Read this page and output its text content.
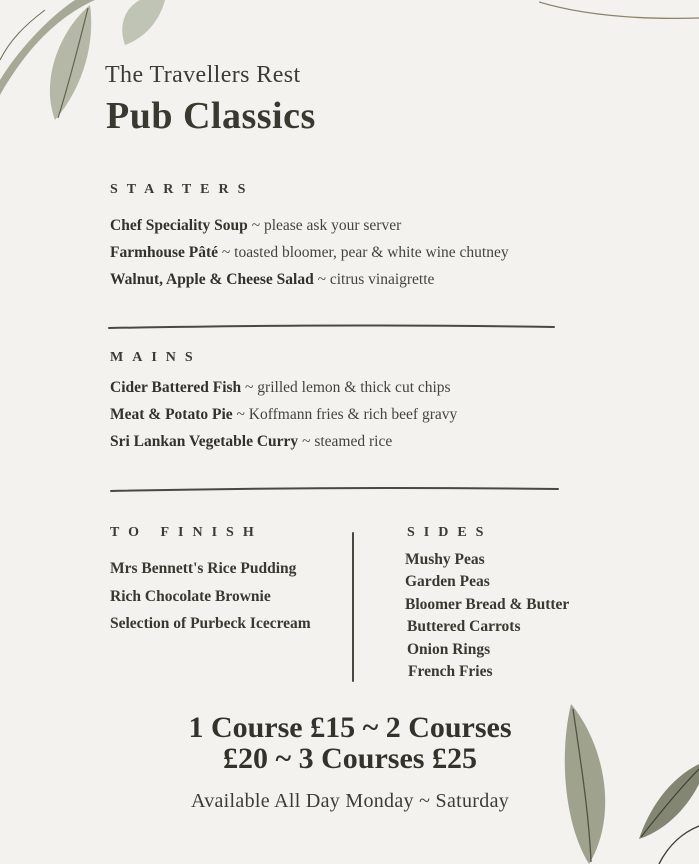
The Travellers Rest
Pub Classics
STARTERS
Chef Speciality Soup ~ please ask your server
Farmhouse Pâté ~ toasted bloomer, pear & white wine chutney
Walnut, Apple & Cheese Salad ~ citrus vinaigrette
MAINS
Cider Battered Fish ~ grilled lemon & thick cut chips
Meat & Potato Pie ~ Koffmann fries & rich beef gravy
Sri Lankan Vegetable Curry ~ steamed rice
TO FINISH
Mrs Bennett's Rice Pudding
Rich Chocolate Brownie
Selection of Purbeck Icecream
SIDES
Mushy Peas
Garden Peas
Bloomer Bread & Butter
Buttered Carrots
Onion Rings
French Fries
1 Course £15 ~ 2 Courses
£20 ~ 3 Courses £25
Available All Day Monday ~ Saturday
